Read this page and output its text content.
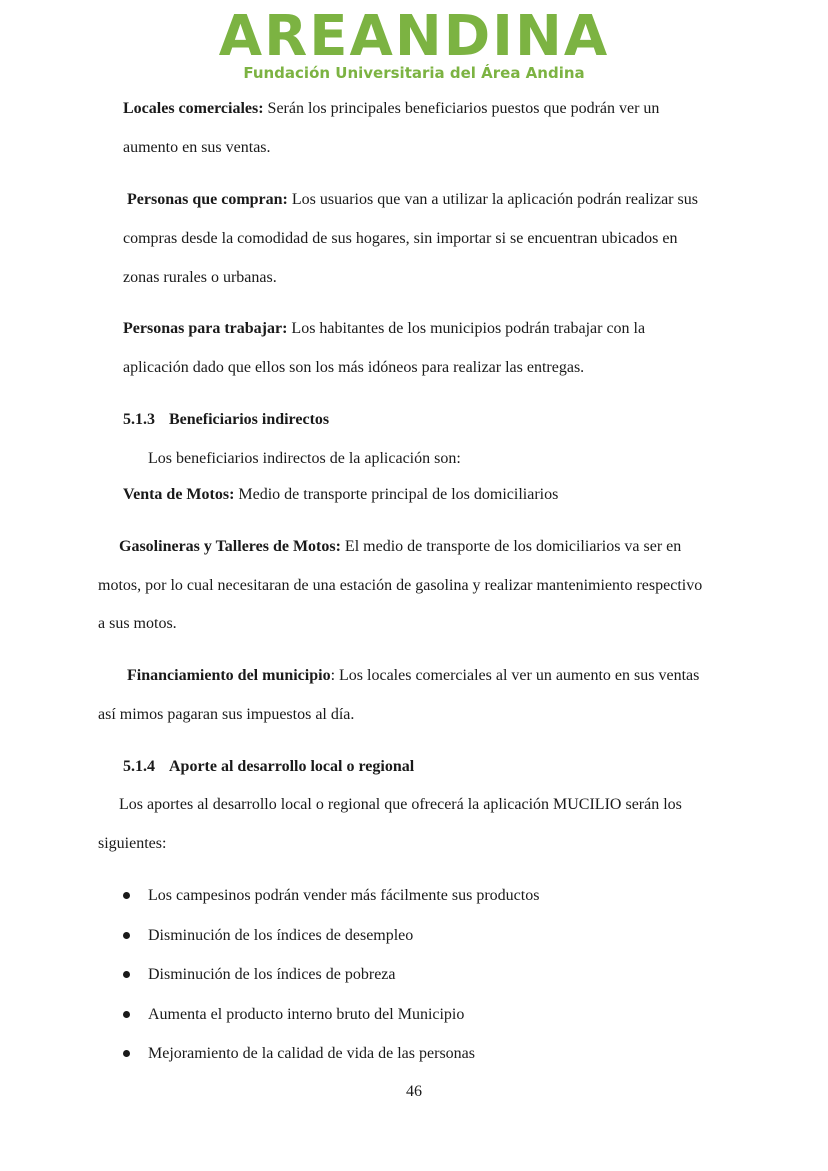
AREANDINA
Fundación Universitaria del Área Andina
Locales comerciales: Serán los principales beneficiarios puestos que podrán ver un
aumento en sus ventas.
Personas que compran: Los usuarios que van a utilizar la aplicación podrán realizar sus
compras desde la comodidad de sus hogares, sin importar si se encuentran ubicados en
zonas rurales o urbanas.
Personas para trabajar: Los habitantes de los municipios podrán trabajar con la
aplicación dado que ellos son los más idóneos para realizar las entregas.
5.1.3 Beneficiarios indirectos
Los beneficiarios indirectos de la aplicación son:
Venta de Motos: Medio de transporte principal de los domiciliarios
Gasolineras y Talleres de Motos: El medio de transporte de los domiciliarios va ser en
motos, por lo cual necesitaran de una estación de gasolina y realizar mantenimiento respectivo
a sus motos.
Financiamiento del municipio: Los locales comerciales al ver un aumento en sus ventas
así mimos pagaran sus impuestos al día.
5.1.4 Aporte al desarrollo local o regional
Los aportes al desarrollo local o regional que ofrecerá la aplicación MUCILIO serán los
siguientes:
Los campesinos podrán vender más fácilmente sus productos
Disminución de los índices de desempleo
Disminución de los índices de pobreza
Aumenta el producto interno bruto del Municipio
Mejoramiento de la calidad de vida de las personas
46
